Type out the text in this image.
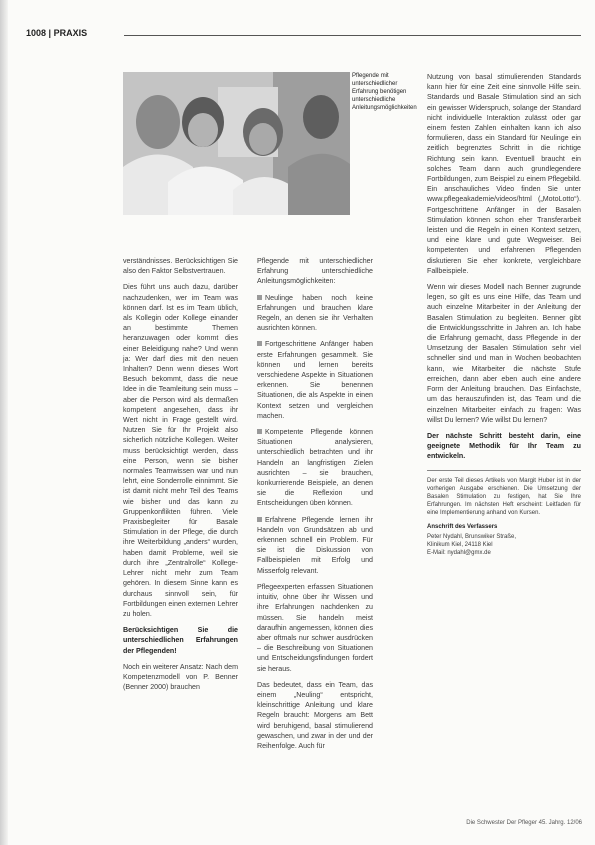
1008 | PRAXIS
Pflegende mit unterschiedlicher Erfahrung benötigen unterschiedliche Anleitungsmöglichkeiten

verständnisses. Berücksichtigen Sie also den Faktor Selbstvertrauen.

Dies führt uns auch dazu, darüber nachzudenken, wer im Team was können darf. Ist es im Team üblich, als Kollegin oder Kollege einander an bestimmte Themen heranzuwagen oder kommt dies einer Beleidigung nahe? Und wenn ja: Wer darf dies mit den neuen Inhalten? Denn wenn dieses Wort Besuch bekommt, dass die neue Idee in die Teamleitung sein muss – aber die Person wird als dermaßen kompetent angesehen, dass ihr Wert nicht in Frage gestellt wird. Nutzen Sie für Ihr Projekt also sicherlich nützliche Kollegen. Weiter muss berücksichtigt werden, dass eine Person, wenn sie bisher normales Teamwissen war und nun lehrt, eine Sonderrolle einnimmt. Sie ist damit nicht mehr Teil des Teams wie bisher und das kann zu Gruppenkonflikten führen. Viele Praxisbegleiter für Basale Stimulation in der Pflege, die durch ihre Weiterbildung „anders“ wurden, haben damit Probleme, weil sie durch ihre „Zentralrolle“ Kollege-Lehrer nicht mehr zum Team gehören. In diesem Sinne kann es durchaus sinnvoll sein, für Fortbildungen einen externen Lehrer zu holen.

Berücksichtigen Sie die unterschiedlichen Erfahrungen der Pflegenden!

Noch ein weiterer Ansatz: Nach dem Kompetenzmodell von P. Benner (Benner 2000) brauchen

Pflegende mit unterschiedlicher Erfahrung unterschiedliche Anleitungsmöglichkeiten:

Neulinge haben noch keine Erfahrungen und brauchen klare Regeln, an denen sie ihr Verhalten ausrichten können.

Fortgeschrittene Anfänger haben erste Erfahrungen gesammelt. Sie können und lernen bereits verschiedene Aspekte in Situationen erkennen. Sie benennen Situationen, die als Aspekte in einen Kontext setzen und vergleichen machen.

Kompetente Pflegende können Situationen analysieren, unterschiedlich betrachten und ihr Handeln an langfristigen Zielen ausrichten – sie brauchen, konkurrierende Beispiele, an denen sie die Reflexion und Entscheidungen üben können.

Erfahrene Pflegende lernen ihr Handeln von Grundsätzen ab und erkennen schnell ein Problem. Für sie ist die Diskussion von Fallbeispielen mit Erfolg und Misserfolg relevant.

Pflegeexperten erfassen Situationen intuitiv, ohne über ihr Wissen und ihre Erfahrungen nachdenken zu müssen. Sie handeln meist daraufhin angemessen, können dies aber oftmals nur schwer ausdrücken – die Beschreibung von Situationen und Entscheidungsfindungen fordert sie heraus.

Das bedeutet, dass ein Team, das einem „Neuling“ entspricht, kleinschrittige Anleitung und klare Regeln braucht: Morgens am Bett wird beruhigend, basal stimulierend gewaschen, und zwar in der und der Reihenfolge. Auch für

Nutzung von basal stimulierenden Standards kann hier für eine Zeit eine sinnvolle Hilfe sein. Standards und Basale Stimulation sind an sich ein gewisser Widerspruch, solange der Standard nicht individuelle Interaktion zulässt oder gar einem festen Zahlen einhalten kann ich also formulieren, dass ein Standard für Neulinge ein zeitlich begrenztes Schritt in die richtige Richtung sein kann. Eventuell braucht ein solches Team dann auch grundlegendere Fortbildungen, zum Beispiel zu einem Pflegebild. Ein anschauliches Video finden Sie unter www.pflegeakademie/videos/html („MotoLotto“). Fortgeschrittene Anfänger in der Basalen Stimulation können schon eher Transferarbeit leisten und die Regeln in einen Kontext setzen, und eine klare und gute Wegweiser. Bei kompetenten und erfahrenen Pflegenden diskutieren Sie eher konkrete, vergleichbare Fallbeispiele.

Wenn wir dieses Modell nach Benner zugrunde legen, so gilt es uns eine Hilfe, das Team und auch einzelne Mitarbeiter in der Anleitung der Basalen Stimulation zu begleiten. Benner gibt die Entwicklungsschritte in Jahren an. Ich habe die Erfahrung gemacht, dass Pflegende in der Umsetzung der Basalen Stimulation sehr viel schneller sind und man in Wochen beobachten kann, wie Mitarbeiter die nächste Stufe erreichen, dann aber eben auch eine andere Form der Anleitung brauchen. Das Einfachste, um das herauszufinden ist, das Team und die einzelnen Mitarbeiter einfach zu fragen: Was willst Du lernen? Wie willst Du lernen?

Der nächste Schritt besteht darin, eine geeignete Methodik für Ihr Team zu entwickeln.

Der erste Teil dieses Artikels von Margit Huber ist in der vorherigen Ausgabe erschienen. Die Umsetzung der Basalen Stimulation zu festigen, hat Sie Ihre Erfahrungen. Im nächsten Heft erscheint: Leitfaden für eine Implementierung anhand von Kursen.

Anschrift des Verfassers

Peter Nydahl, Brunswiker Straße,
Klinikum Kiel, 24118 Kiel
E-Mail: nydahl@gmx.de
Die Schwester Der Pfleger 45. Jahrg. 12/06
